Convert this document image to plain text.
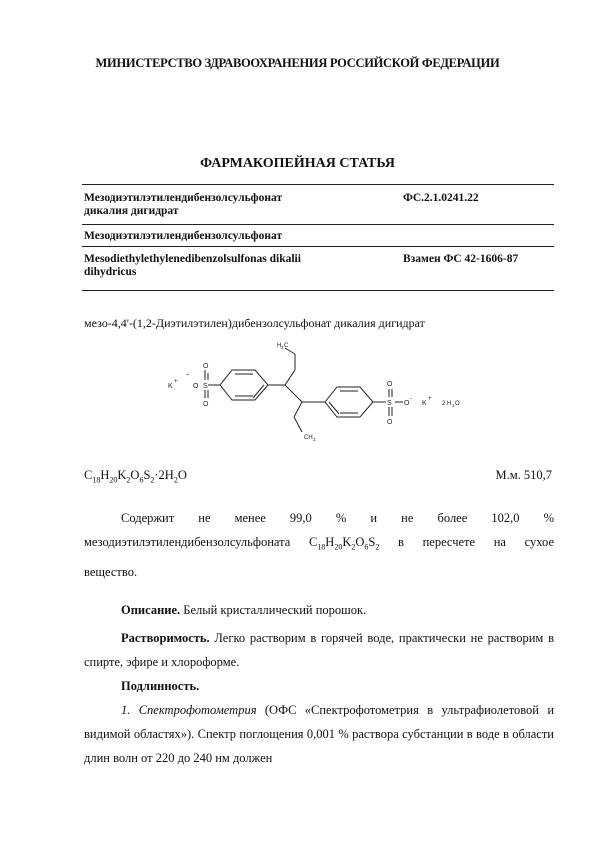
МИНИСТЕРСТВО ЗДРАВООХРАНЕНИЯ РОССИЙСКОЙ ФЕДЕРАЦИИ
ФАРМАКОПЕЙНАЯ СТАТЬЯ
Мезодиэтилэтилендибензолсульфонат
дикалия дигидрат
ФС.2.1.0241.22
Мезодиэтилэтилендибензолсульфонат
Mesodiethylethylenedibenzolsulfonas dikalii
dihydricus
Взамен ФС 42-1606-87
мезо-4,4'-(1,2-Диэтилэтилен)дибензолсульфонат дикалия дигидрат
K
+
-
O S
O
O
H 3 C
CH 3
S
O
O
O
-
K
+
2 H 2 O
$C_{18}H_{20}K_2O_6S_2\cdot 2H_2O$	М.м. 510,7
Содержит не менее 99,0 % и не более 102,0 %
мезодиэтилэтилендибензолсульфоната $C_{18}H_{20}K_2O_6S_2$ в пересчете на сухое
вещество.
Описание. Белый кристаллический порошок.
Растворимость. Легко растворим в горячей воде, практически не растворим в спирте, эфире и хлороформе.
Подлинность.
1. Спектрофотометрия (ОФС «Спектрофотометрия в ультрафиолетовой и видимой областях»). Спектр поглощения 0,001 % раствора субстанции в воде в области длин волн от 220 до 240 нм должен
